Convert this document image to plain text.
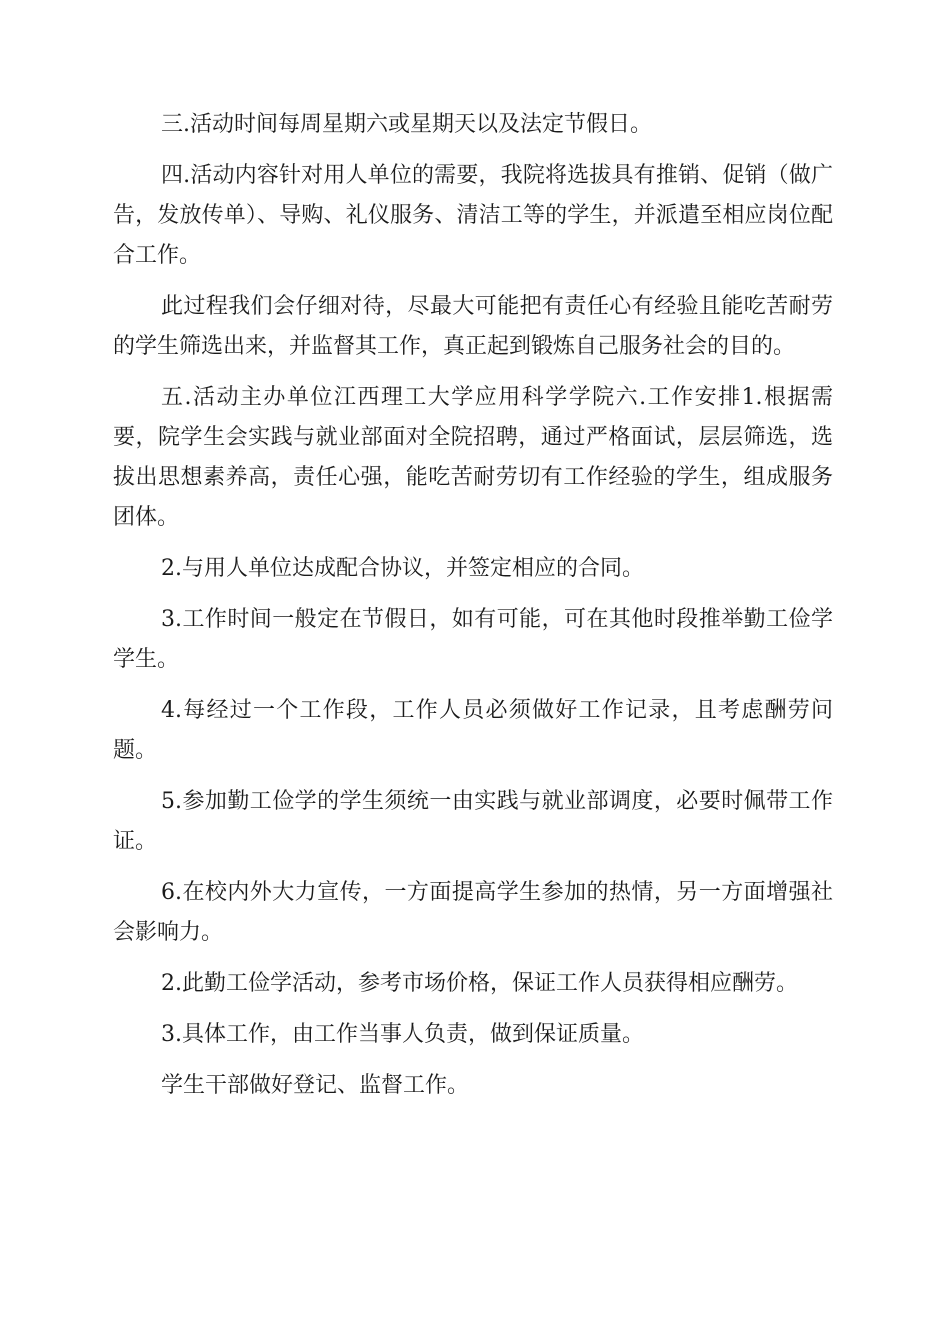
三.活动时间每周星期六或星期天以及法定节假日。

四.活动内容针对用人单位的需要，我院将选拔具有推销、促销（做广告，发放传单）、导购、礼仪服务、清洁工等的学生，并派遣至相应岗位配合工作。

此过程我们会仔细对待，尽最大可能把有责任心有经验且能吃苦耐劳的学生筛选出来，并监督其工作，真正起到锻炼自己服务社会的目的。

五.活动主办单位江西理工大学应用科学学院六.工作安排1.根据需要，院学生会实践与就业部面对全院招聘，通过严格面试，层层筛选，选拔出思想素养高，责任心强，能吃苦耐劳切有工作经验的学生，组成服务团体。

2.与用人单位达成配合协议，并签定相应的合同。

3.工作时间一般定在节假日，如有可能，可在其他时段推举勤工俭学学生。

4.每经过一个工作段，工作人员必须做好工作记录，且考虑酬劳问题。

5.参加勤工俭学的学生须统一由实践与就业部调度，必要时佩带工作证。

6.在校内外大力宣传，一方面提高学生参加的热情，另一方面增强社会影响力。

2.此勤工俭学活动，参考市场价格，保证工作人员获得相应酬劳。

3.具体工作，由工作当事人负责，做到保证质量。

学生干部做好登记、监督工作。
